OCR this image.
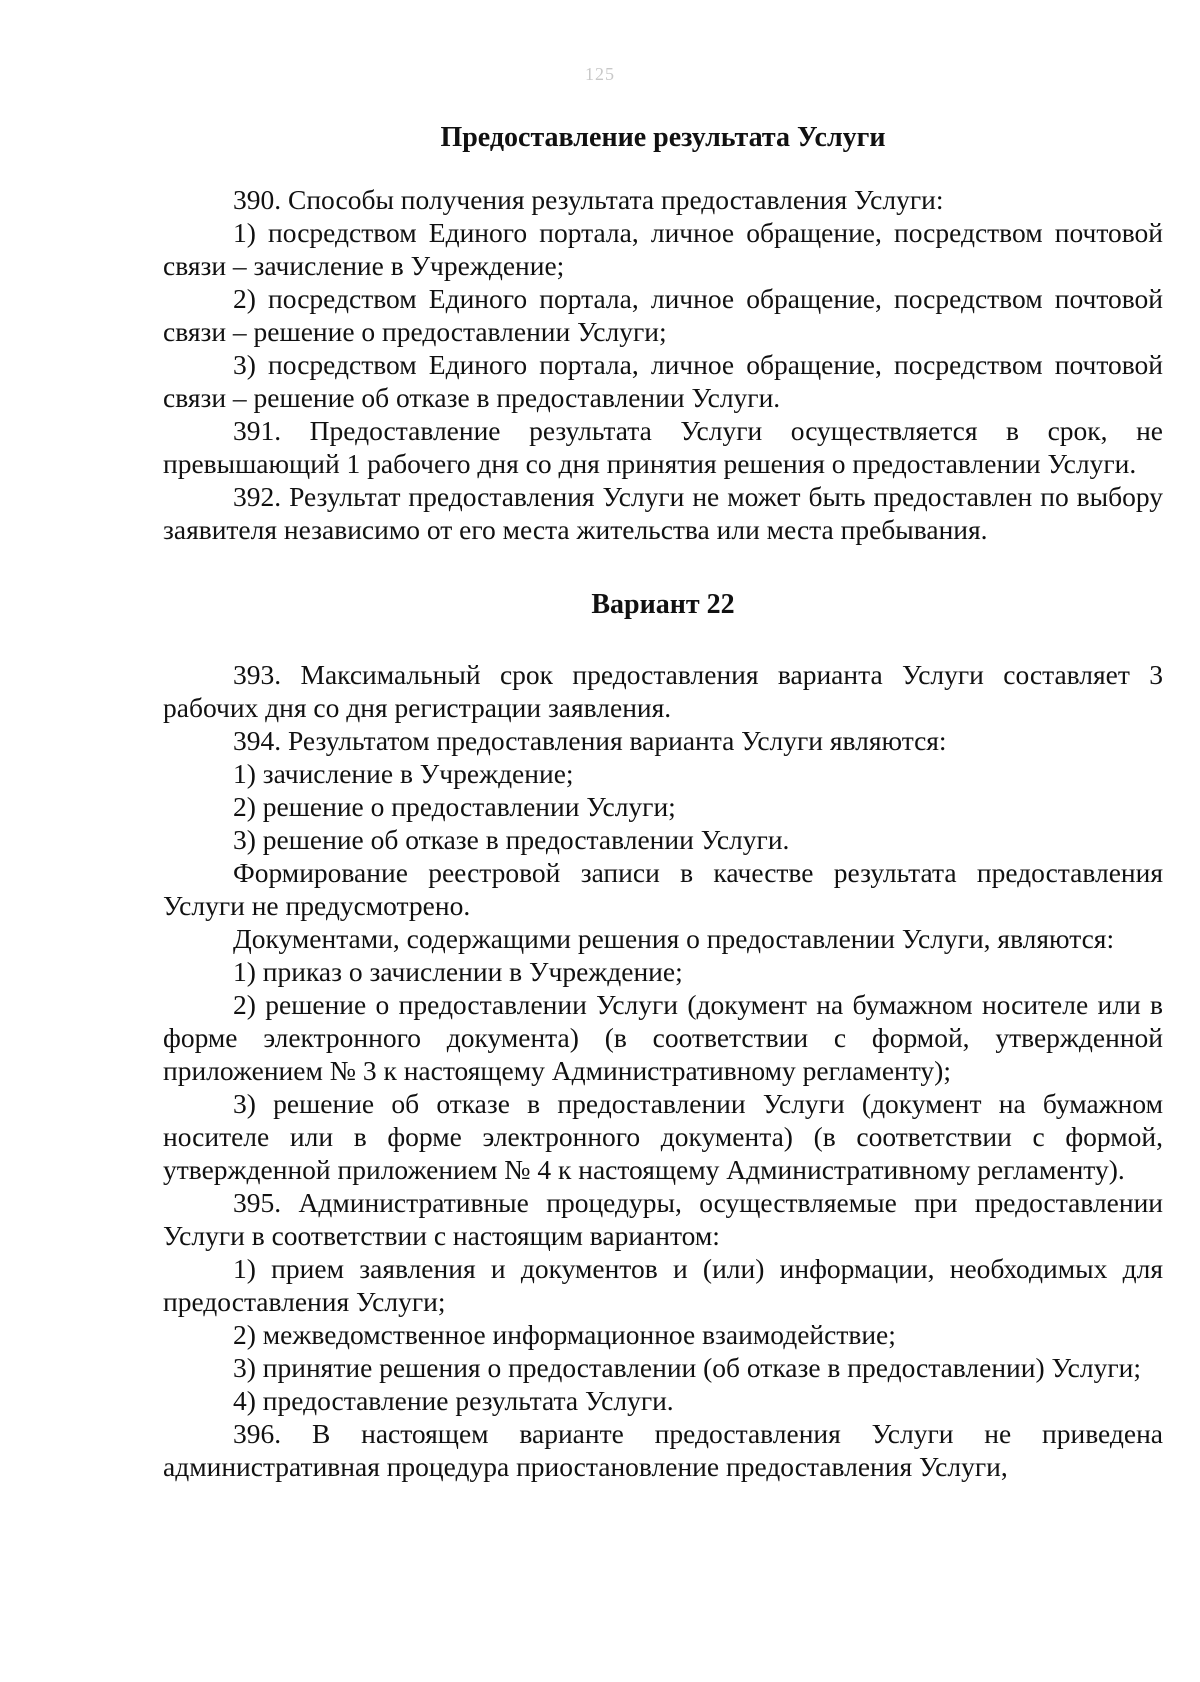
125
Предоставление результата Услуги

390. Способы получения результата предоставления Услуги:

1) посредством Единого портала, личное обращение, посредством почтовой связи – зачисление в Учреждение;

2) посредством Единого портала, личное обращение, посредством почтовой связи – решение о предоставлении Услуги;

3) посредством Единого портала, личное обращение, посредством почтовой связи – решение об отказе в предоставлении Услуги.

391. Предоставление результата Услуги осуществляется в срок, не превышающий 1 рабочего дня со дня принятия решения о предоставлении Услуги.

392. Результат предоставления Услуги не может быть предоставлен по выбору заявителя независимо от его места жительства или места пребывания.

Вариант 22

393. Максимальный срок предоставления варианта Услуги составляет 3 рабочих дня со дня регистрации заявления.

394. Результатом предоставления варианта Услуги являются:

1) зачисление в Учреждение;

2) решение о предоставлении Услуги;

3) решение об отказе в предоставлении Услуги.

Формирование реестровой записи в качестве результата предоставления Услуги не предусмотрено.

Документами, содержащими решения о предоставлении Услуги, являются:

1) приказ о зачислении в Учреждение;

2) решение о предоставлении Услуги (документ на бумажном носителе или в форме электронного документа) (в соответствии с формой, утвержденной приложением № 3 к настоящему Административному регламенту);

3) решение об отказе в предоставлении Услуги (документ на бумажном носителе или в форме электронного документа) (в соответствии с формой, утвержденной приложением № 4 к настоящему Административному регламенту).

395. Административные процедуры, осуществляемые при предоставлении Услуги в соответствии с настоящим вариантом:

1) прием заявления и документов и (или) информации, необходимых для предоставления Услуги;

2) межведомственное информационное взаимодействие;

3) принятие решения о предоставлении (об отказе в предоставлении) Услуги;

4) предоставление результата Услуги.

396. В настоящем варианте предоставления Услуги не приведена административная процедура приостановление предоставления Услуги,
